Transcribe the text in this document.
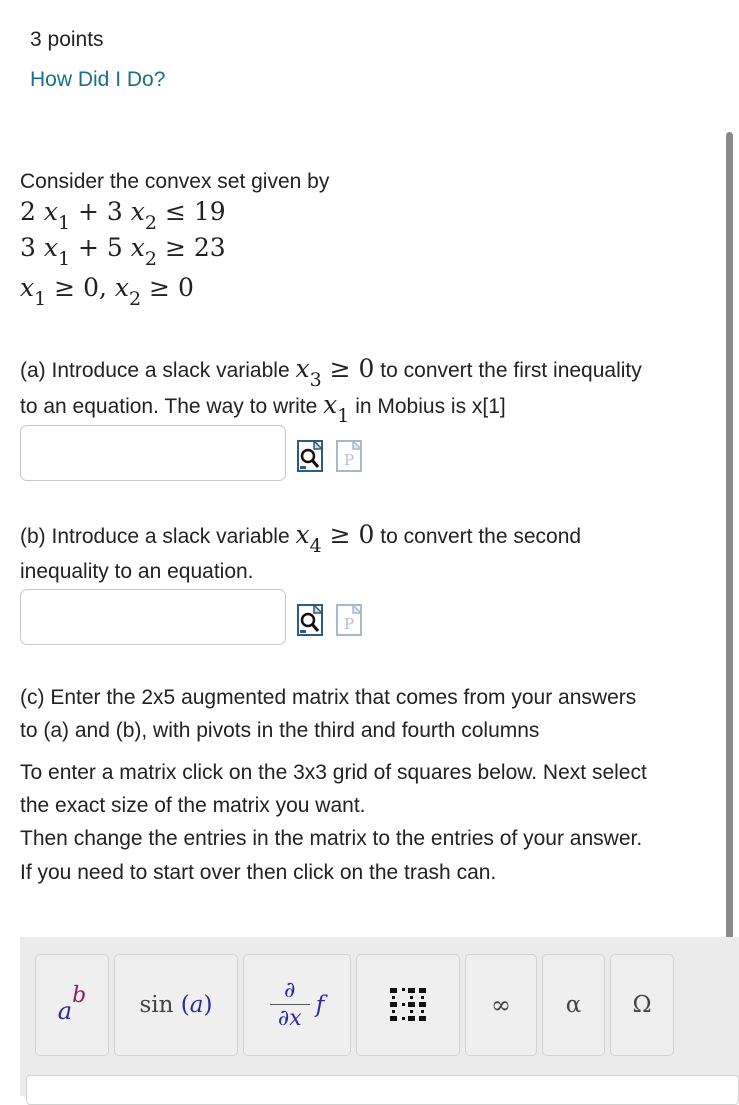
3 points
How Did I Do?
Consider the convex set given by
2 $x_1 + 3$ $x_2 \le 19$
3 $x_1 + 5$ $x_2 \ge 23$
$x_1 \ge 0$, $x_2 \ge 0$
(a) Introduce a slack variable $x_3 \ge 0$ to convert the first inequality
to an equation. The way to write $x_1$ in Mobius is x[1]
P
(b) Introduce a slack variable $x_4 \ge 0$ to convert the second
inequality to an equation.
P
(c) Enter the 2x5 augmented matrix that comes from your answers
to (a) and (b), with pivots in the third and fourth columns
To enter a matrix click on the 3x3 grid of squares below. Next select
the exact size of the matrix you want.
Then change the entries in the matrix to the entries of your answer.
If you need to start over then click on the trash can.
a
b sin
(a)
∂
∂x f	∞ α Ω
